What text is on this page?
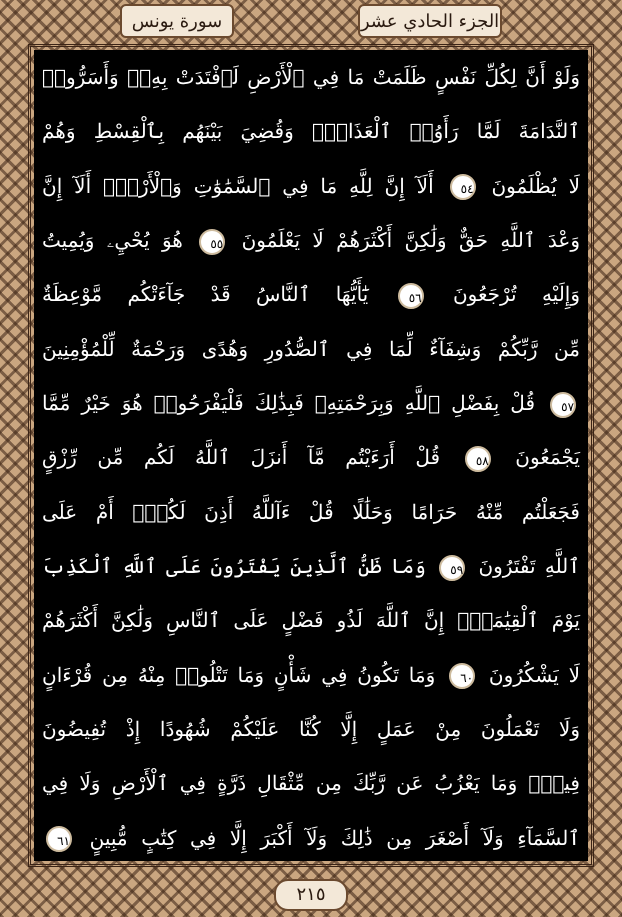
الجزء الحادي عشر
سورة يونس
وَلَوْ أَنَّ لِكُلِّ نَفْسٍ ظَلَمَتْ مَا فِي ٱلْأَرْضِ لَٱفْتَدَتْ بِهِۦۗ وَأَسَرُّوا۟
ٱلنَّدَامَةَ لَمَّا رَأَوُا۟ ٱلْعَذَابَۖ وَقُضِيَ بَيْنَهُم بِٱلْقِسْطِ وَهُمْ
لَا يُظْلَمُونَ ٥٤ أَلَآ إِنَّ لِلَّهِ مَا فِي ٱلسَّمَٰوَٰتِ وَٱلْأَرْضِۗ أَلَآ إِنَّ
وَعْدَ ٱللَّهِ حَقٌّ وَلَٰكِنَّ أَكْثَرَهُمْ لَا يَعْلَمُونَ ٥٥ هُوَ يُحْيِۦ وَيُمِيتُ
وَإِلَيْهِ تُرْجَعُونَ ٥٦ يَٰٓأَيُّهَا ٱلنَّاسُ قَدْ جَآءَتْكُم مَّوْعِظَةٌ
مِّن رَّبِّكُمْ وَشِفَآءٌ لِّمَا فِي ٱلصُّدُورِ وَهُدًى وَرَحْمَةٌ لِّلْمُؤْمِنِينَ
٥٧ قُلْ بِفَضْلِ ٱللَّهِ وَبِرَحْمَتِهِۦ فَبِذَٰلِكَ فَلْيَفْرَحُوا۟ هُوَ خَيْرٌ مِّمَّا
يَجْمَعُونَ ٥٨ قُلْ أَرَءَيْتُم مَّآ أَنزَلَ ٱللَّهُ لَكُم مِّن رِّزْقٍ
فَجَعَلْتُم مِّنْهُ حَرَامًا وَحَلَٰلًا قُلْ ءَآللَّهُ أَذِنَ لَكُمْۖ أَمْ عَلَى
ٱللَّهِ تَفْتَرُونَ ٥٩ وَمَا ظَنُّ ٱلَّذِينَ يَفْتَرُونَ عَلَى ٱللَّهِ ٱلْكَذِبَ
يَوْمَ ٱلْقِيَٰمَةِۗ إِنَّ ٱللَّهَ لَذُو فَضْلٍ عَلَى ٱلنَّاسِ وَلَٰكِنَّ أَكْثَرَهُمْ
لَا يَشْكُرُونَ ٦٠ وَمَا تَكُونُ فِي شَأْنٍ وَمَا تَتْلُوا۟ مِنْهُ مِن قُرْءَانٍ
وَلَا تَعْمَلُونَ مِنْ عَمَلٍ إِلَّا كُنَّا عَلَيْكُمْ شُهُودًا إِذْ تُفِيضُونَ
فِيهِۚ وَمَا يَعْزُبُ عَن رَّبِّكَ مِن مِّثْقَالِ ذَرَّةٍ فِي ٱلْأَرْضِ وَلَا فِي
ٱلسَّمَآءِ وَلَآ أَصْغَرَ مِن ذَٰلِكَ وَلَآ أَكْبَرَ إِلَّا فِي كِتَٰبٍ مُّبِينٍ ٦١
٢١٥
